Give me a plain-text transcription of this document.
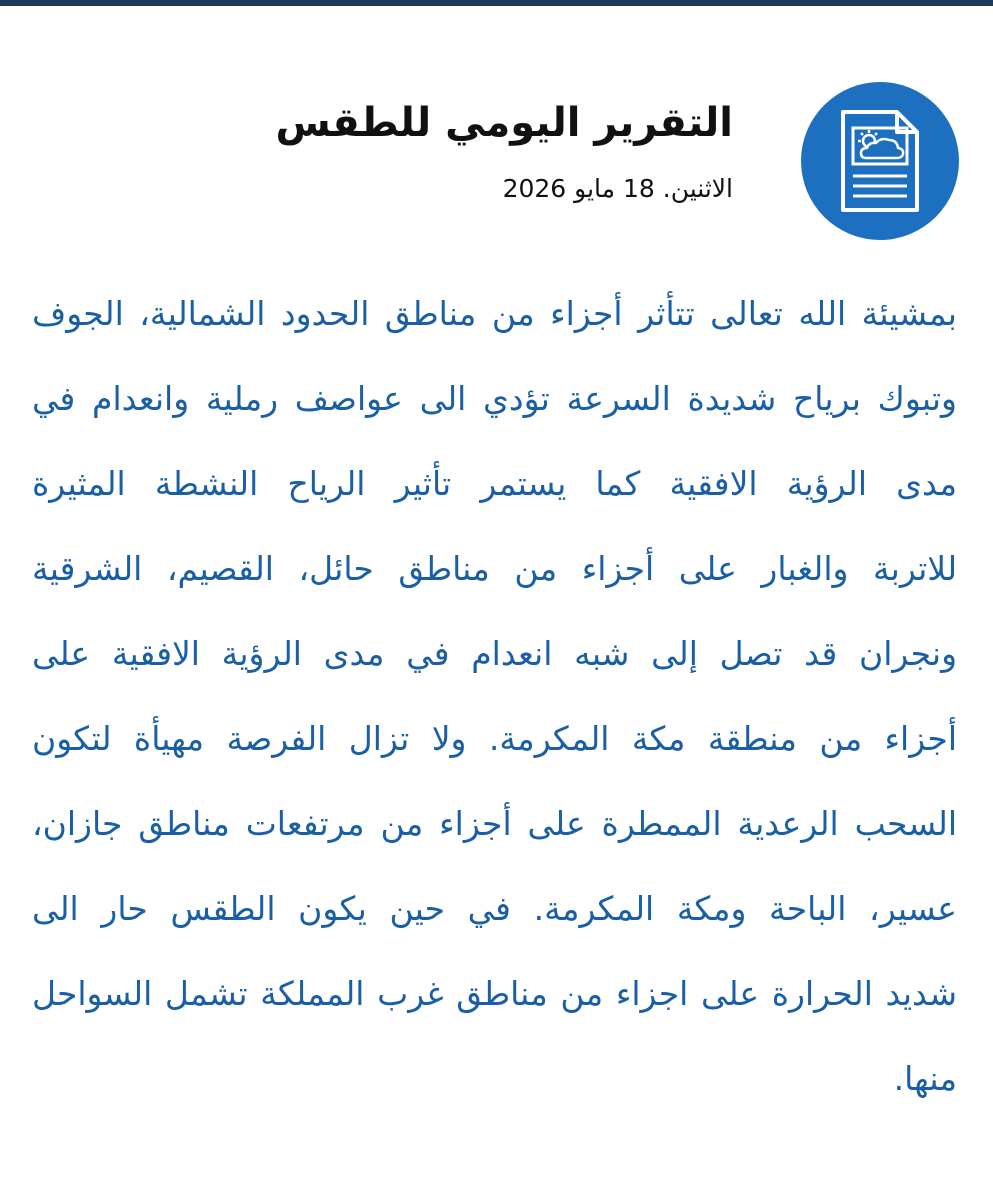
التقرير اليومي للطقس

الاثنين. 18 مايو 2026

بمشيئة الله تعالى تتأثر أجزاء من مناطق الحدود الشمالية، الجوف
وتبوك برياح شديدة السرعة تؤدي الى عواصف رملية وانعدام في
مدى الرؤية الافقية كما يستمر تأثير الرياح النشطة المثيرة
للاتربة والغبار على أجزاء من مناطق حائل، القصيم، الشرقية
ونجران قد تصل إلى شبه انعدام في مدى الرؤية الافقية على
أجزاء من منطقة مكة المكرمة. ولا تزال الفرصة مهيأة لتكون
السحب الرعدية الممطرة على أجزاء من مرتفعات مناطق جازان،
عسير، الباحة ومكة المكرمة. في حين يكون الطقس حار الى
شديد الحرارة على اجزاء من مناطق غرب المملكة تشمل السواحل
منها.
